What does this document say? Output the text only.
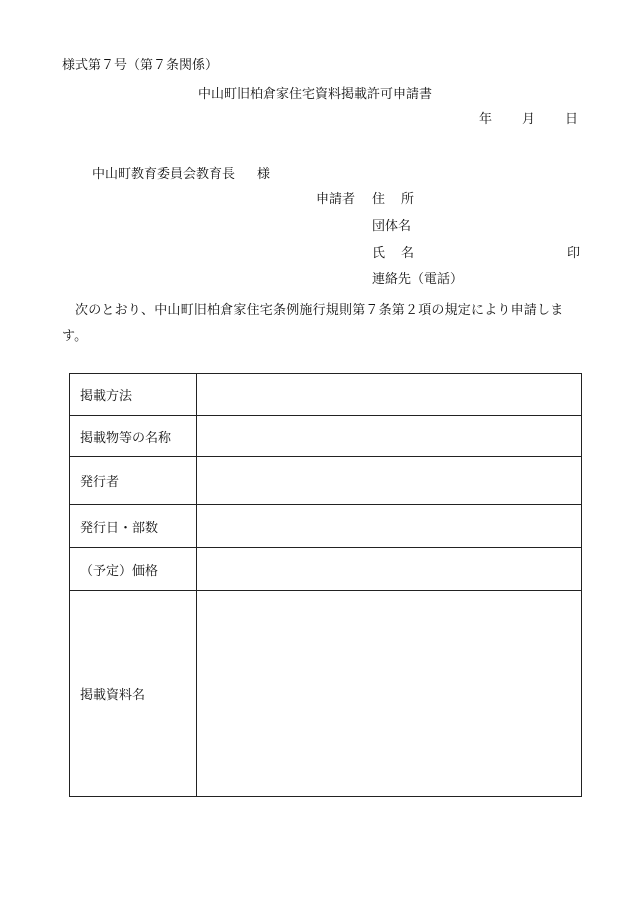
様式第７号（第７条関係）
中山町旧柏倉家住宅資料掲載許可申請書
年 月 日
中山町教育委員会教育長 様
申請者 住 所
団体名
氏 名	印
連絡先（電話）
次のとおり、中山町旧柏倉家住宅条例施行規則第７条第２項の規定により申請します。
掲載方法	
掲載物等の名称	
発行者	
発行日・部数	
（予定）価格	
掲載資料名	
